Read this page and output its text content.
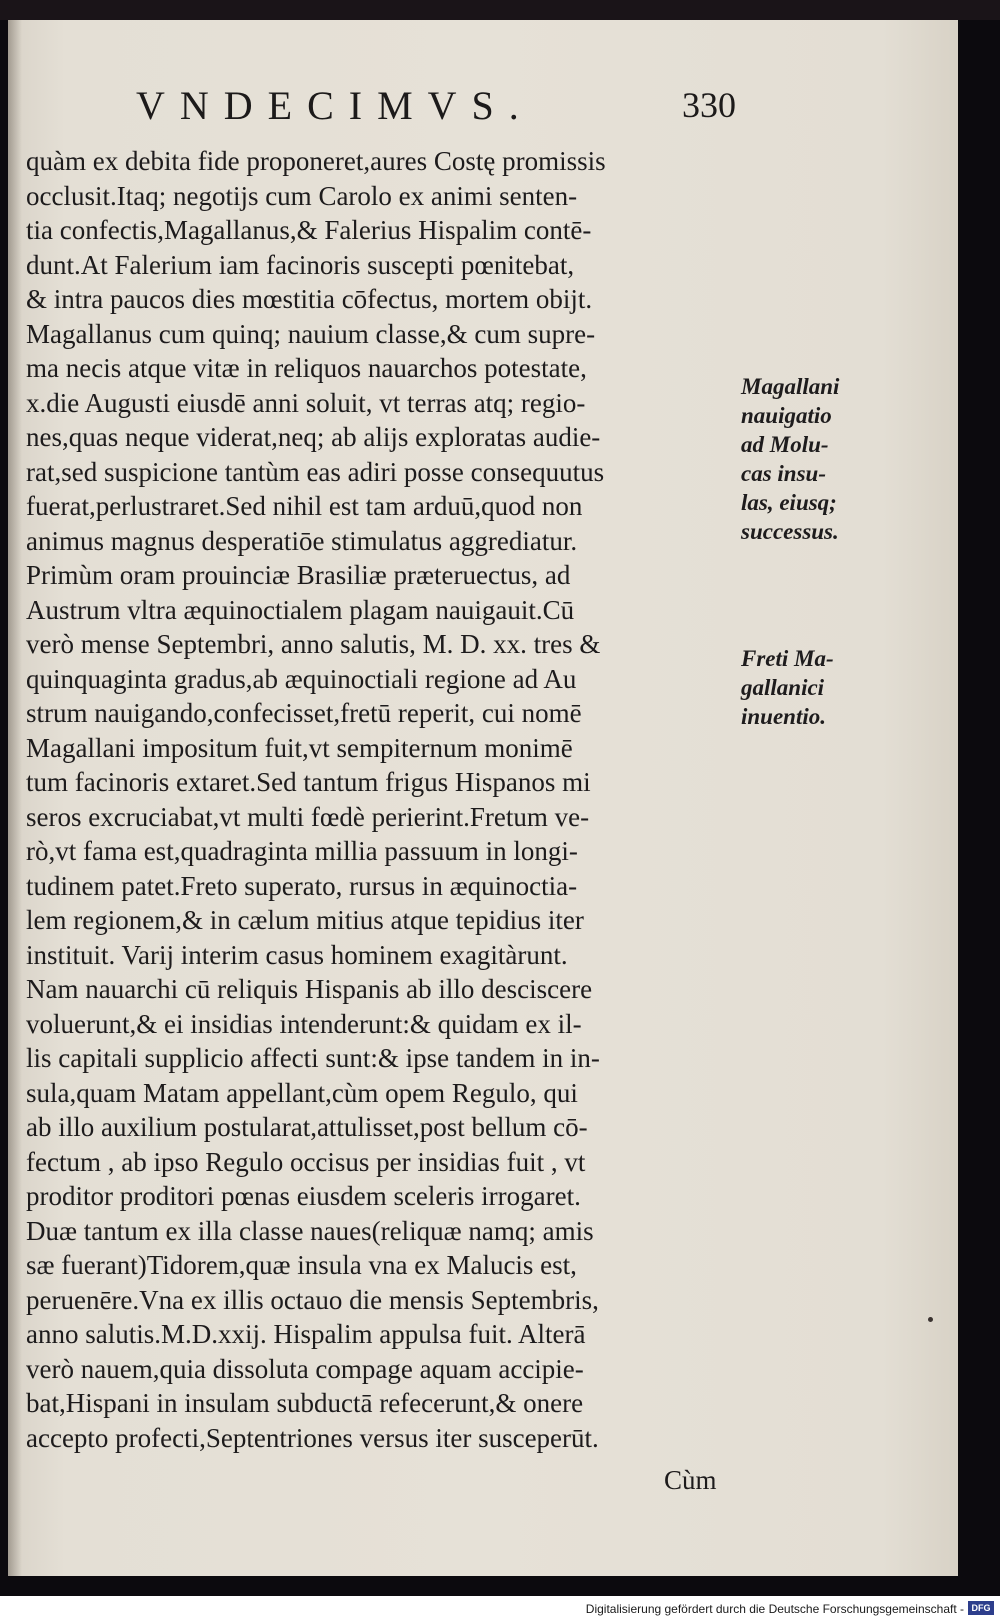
VNDECIMVS.	330
quàm ex debita fide proponeret,aures Costę promissis
occlusit.Itaq; negotijs cum Carolo ex animi senten-
tia confectis,Magallanus,& Falerius Hispalim contē-
dunt.At Falerium iam facinoris suscepti pœnitebat,
& intra paucos dies mœstitia cōfectus, mortem obijt.
Magallanus cum quinq; nauium classe,& cum supre-
ma necis atque vitæ in reliquos nauarchos potestate,
x.die Augusti eiusdē anni soluit, vt terras atq; regio-
nes,quas neque viderat,neq; ab alijs exploratas audie-
rat,sed suspicione tantùm eas adiri posse consequutus
fuerat,perlustraret.Sed nihil est tam arduū,quod non
animus magnus desperatiōe stimulatus aggrediatur.
Primùm oram prouinciæ Brasiliæ præteruectus, ad
Austrum vltra æquinoctialem plagam nauigauit.Cū
verò mense Septembri, anno salutis, M. D. xx. tres &
quinquaginta gradus,ab æquinoctiali regione ad Au
strum nauigando,confecisset,fretū reperit, cui nomē
Magallani impositum fuit,vt sempiternum monimē
tum facinoris extaret.Sed tantum frigus Hispanos mi
seros excruciabat,vt multi fœdè perierint.Fretum ve-
rò,vt fama est,quadraginta millia passuum in longi-
tudinem patet.Freto superato, rursus in æquinoctia-
lem regionem,& in cælum mitius atque tepidius iter
instituit. Varij interim casus hominem exagitàrunt.
Nam nauarchi cū reliquis Hispanis ab illo desciscere
voluerunt,& ei insidias intenderunt:& quidam ex il-
lis capitali supplicio affecti sunt:& ipse tandem in in-
sula,quam Matam appellant,cùm opem Regulo, qui
ab illo auxilium postularat,attulisset,post bellum cō-
fectum , ab ipso Regulo occisus per insidias fuit , vt
proditor proditori pœnas eiusdem sceleris irrogaret.
Duæ tantum ex illa classe naues(reliquæ namq; amis
sæ fuerant)Tidorem,quæ insula vna ex Malucis est,
peruenēre.Vna ex illis octauo die mensis Septembris,
anno salutis.M.D.xxij. Hispalim appulsa fuit. Alterā
verò nauem,quia dissoluta compage aquam accipie-
bat,Hispani in insulam subductā refecerunt,& onere
accepto profecti,Septentriones versus iter susceperūt.
Cùm
Magallani
nauigatio
ad Molu-
cas insu-
las, eiusq;
successus.
Freti Ma-
gallanici
inuentio.
Digitalisierung gefördert durch die Deutsche Forschungsgemeinschaft - DFG
